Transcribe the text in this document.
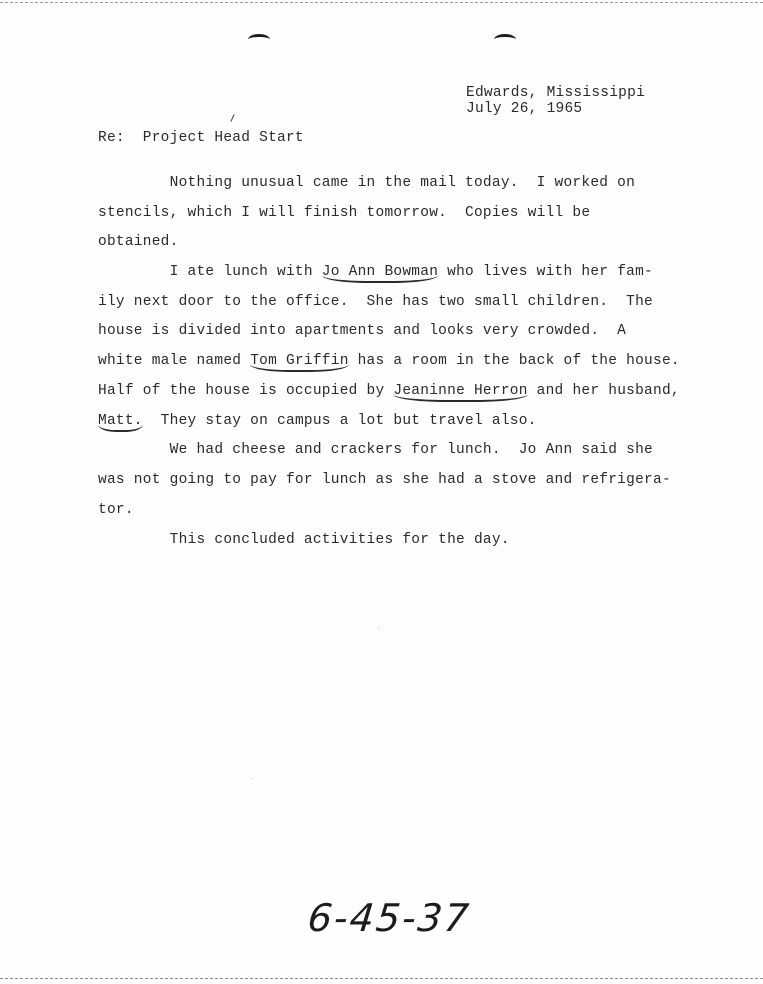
Edwards, Mississippi
July 26, 1965
Re:  Project Head Start
Nothing unusual came in the mail today.  I worked on
stencils, which I will finish tomorrow.  Copies will be
obtained.
I ate lunch with Jo Ann Bowman who lives with her fam-
ily next door to the office.  She has two small children.  The
house is divided into apartments and looks very crowded.  A
white male named Tom Griffin has a room in the back of the house.
Half of the house is occupied by Jeaninne Herron and her husband,
Matt.  They stay on campus a lot but travel also.
We had cheese and crackers for lunch.  Jo Ann said she
was not going to pay for lunch as she had a stove and refrigera-
tor.
This concluded activities for the day.
6-45-37
